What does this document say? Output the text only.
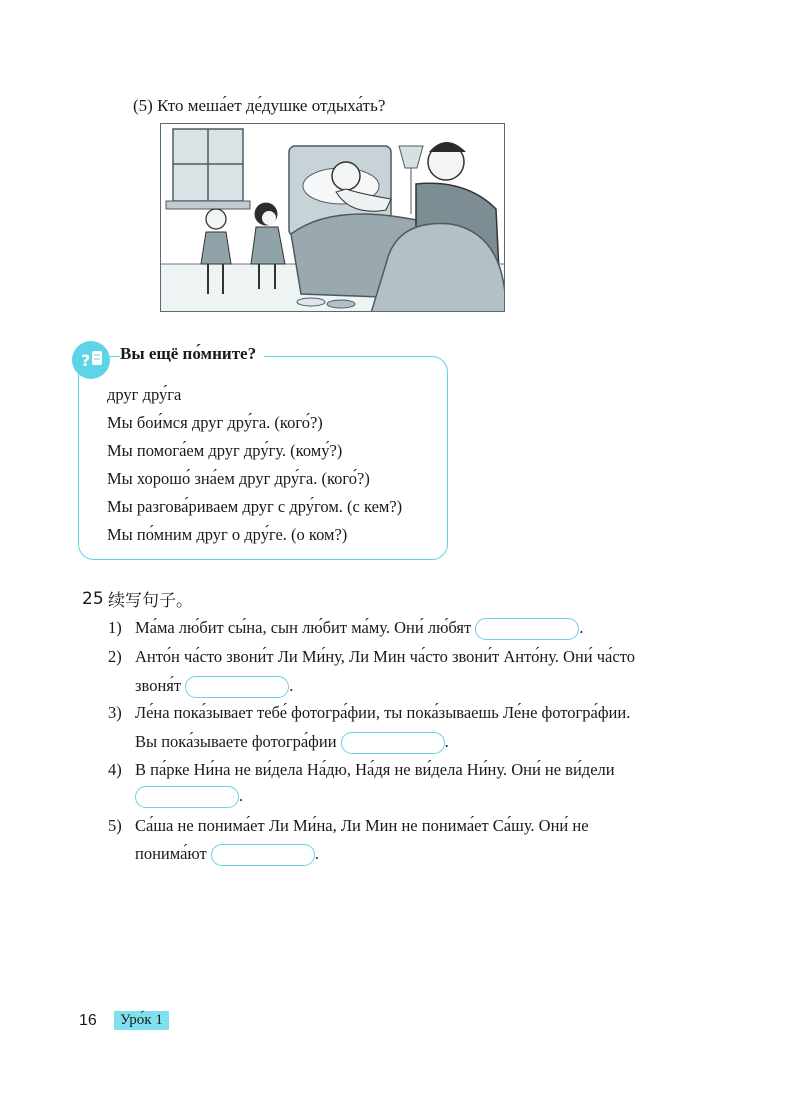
(5) Кто меша́ет де́душке отдыха́ть?
? Вы ещё по́мните?
друг дру́га
Мы бои́мся друг дру́га. (кого́?)
Мы помога́ем друг дру́гу. (кому́?)
Мы хорошо́ зна́ем друг дру́га. (кого́?)
Мы разгова́риваем друг с дру́гом. (с кем?)
Мы по́мним друг о дру́ге. (о ком?)
25 续写句子。
1) Ма́ма лю́бит сы́на, сын лю́бит ма́му. Они́ лю́бят	.
2) Анто́н ча́сто звони́т Ли Ми́ну, Ли Мин ча́сто звони́т Анто́ну. Они́ ча́сто
звоня́т	.
3) Ле́на пока́зывает тебе́ фотогра́фии, ты пока́зываешь Ле́не фотогра́фии.
Вы пока́зываете фотогра́фии	.
4) В па́рке Ни́на не ви́дела На́дю, На́дя не ви́дела Ни́ну. Они́ не ви́дели
.
5) Са́ша не понима́ет Ли Ми́на, Ли Мин не понима́ет Са́шу. Они́ не
понима́ют	.
16	Уро́к 1
